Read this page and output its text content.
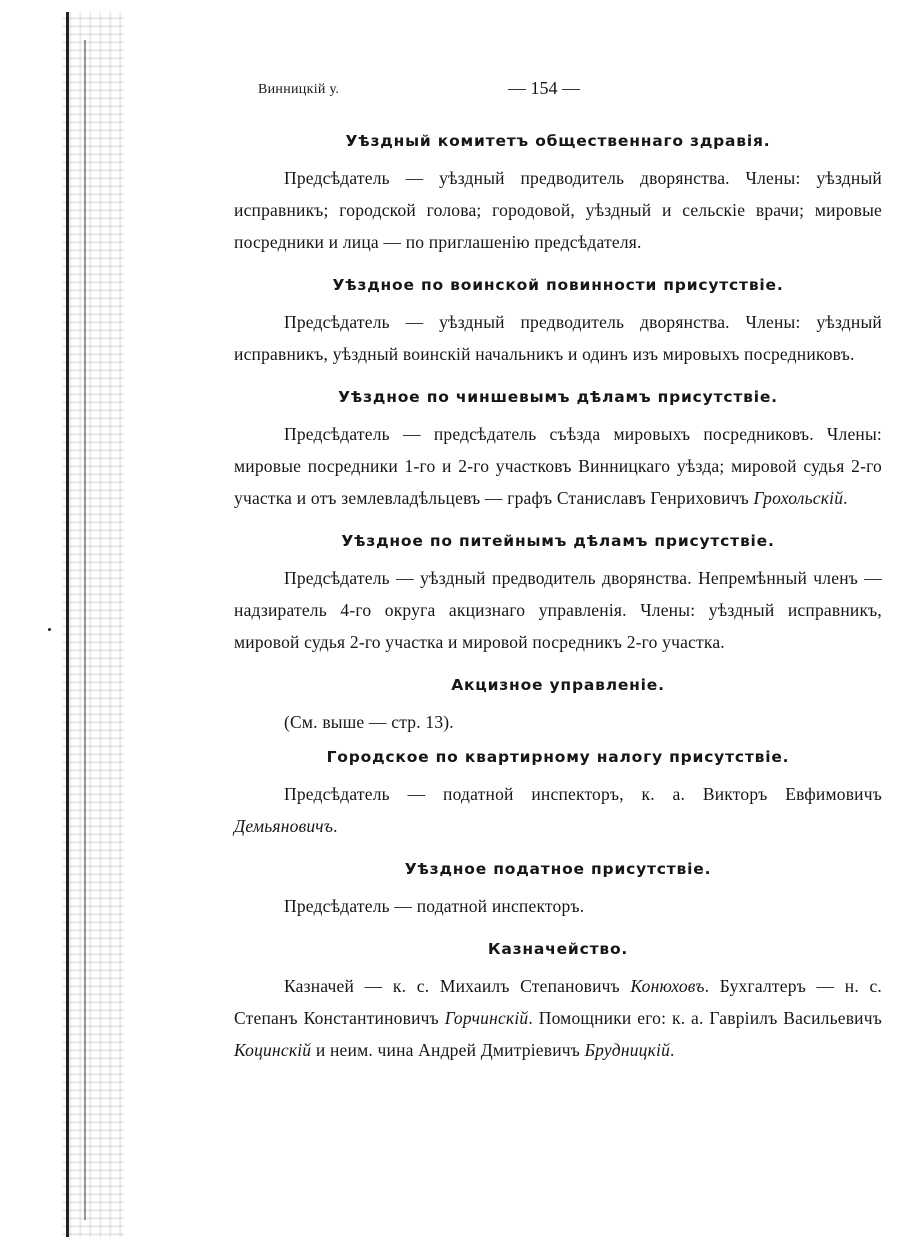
Винницкій у.	— 154 —
Уѣздный комитетъ общественнаго здравія.

Предсѣдатель — уѣздный предводитель дворянства. Члены: уѣздный исправникъ; городской голова; городовой, уѣздный и сельскіе врачи; мировые посредники и лица — по приглашенію предсѣдателя.

Уѣздное по воинской повинности присутствіе.

Предсѣдатель — уѣздный предводитель дворянства. Члены: уѣздный исправникъ, уѣздный воинскій начальникъ и одинъ изъ мировыхъ посредниковъ.

Уѣздное по чиншевымъ дѣламъ присутствіе.

Предсѣдатель — предсѣдатель съѣзда мировыхъ посредниковъ. Члены: мировые посредники 1-го и 2-го участковъ Винницкаго уѣзда; мировой судья 2-го участка и отъ землевладѣльцевъ — графъ Станиславъ Генриховичъ Грохольскій.

Уѣздное по питейнымъ дѣламъ присутствіе.

Предсѣдатель — уѣздный предводитель дворянства. Непремѣнный членъ — надзиратель 4-го округа акцизнаго управленія. Члены: уѣздный исправникъ, мировой судья 2-го участка и мировой посредникъ 2-го участка.

Акцизное управленіе.

(См. выше — стр. 13).

Городское по квартирному налогу присутствіе.

Предсѣдатель — податной инспекторъ, к. а. Викторъ Евфимовичъ Демьяновичъ.

Уѣздное податное присутствіе.

Предсѣдатель — податной инспекторъ.

Казначейство.

Казначей — к. с. Михаилъ Степановичъ Конюховъ. Бухгалтеръ — н. с. Степанъ Константиновичъ Горчинскій. Помощники его: к. а. Гавріилъ Васильевичъ Коцинскій и неим. чина Андрей Дмитріевичъ Брудницкій.
